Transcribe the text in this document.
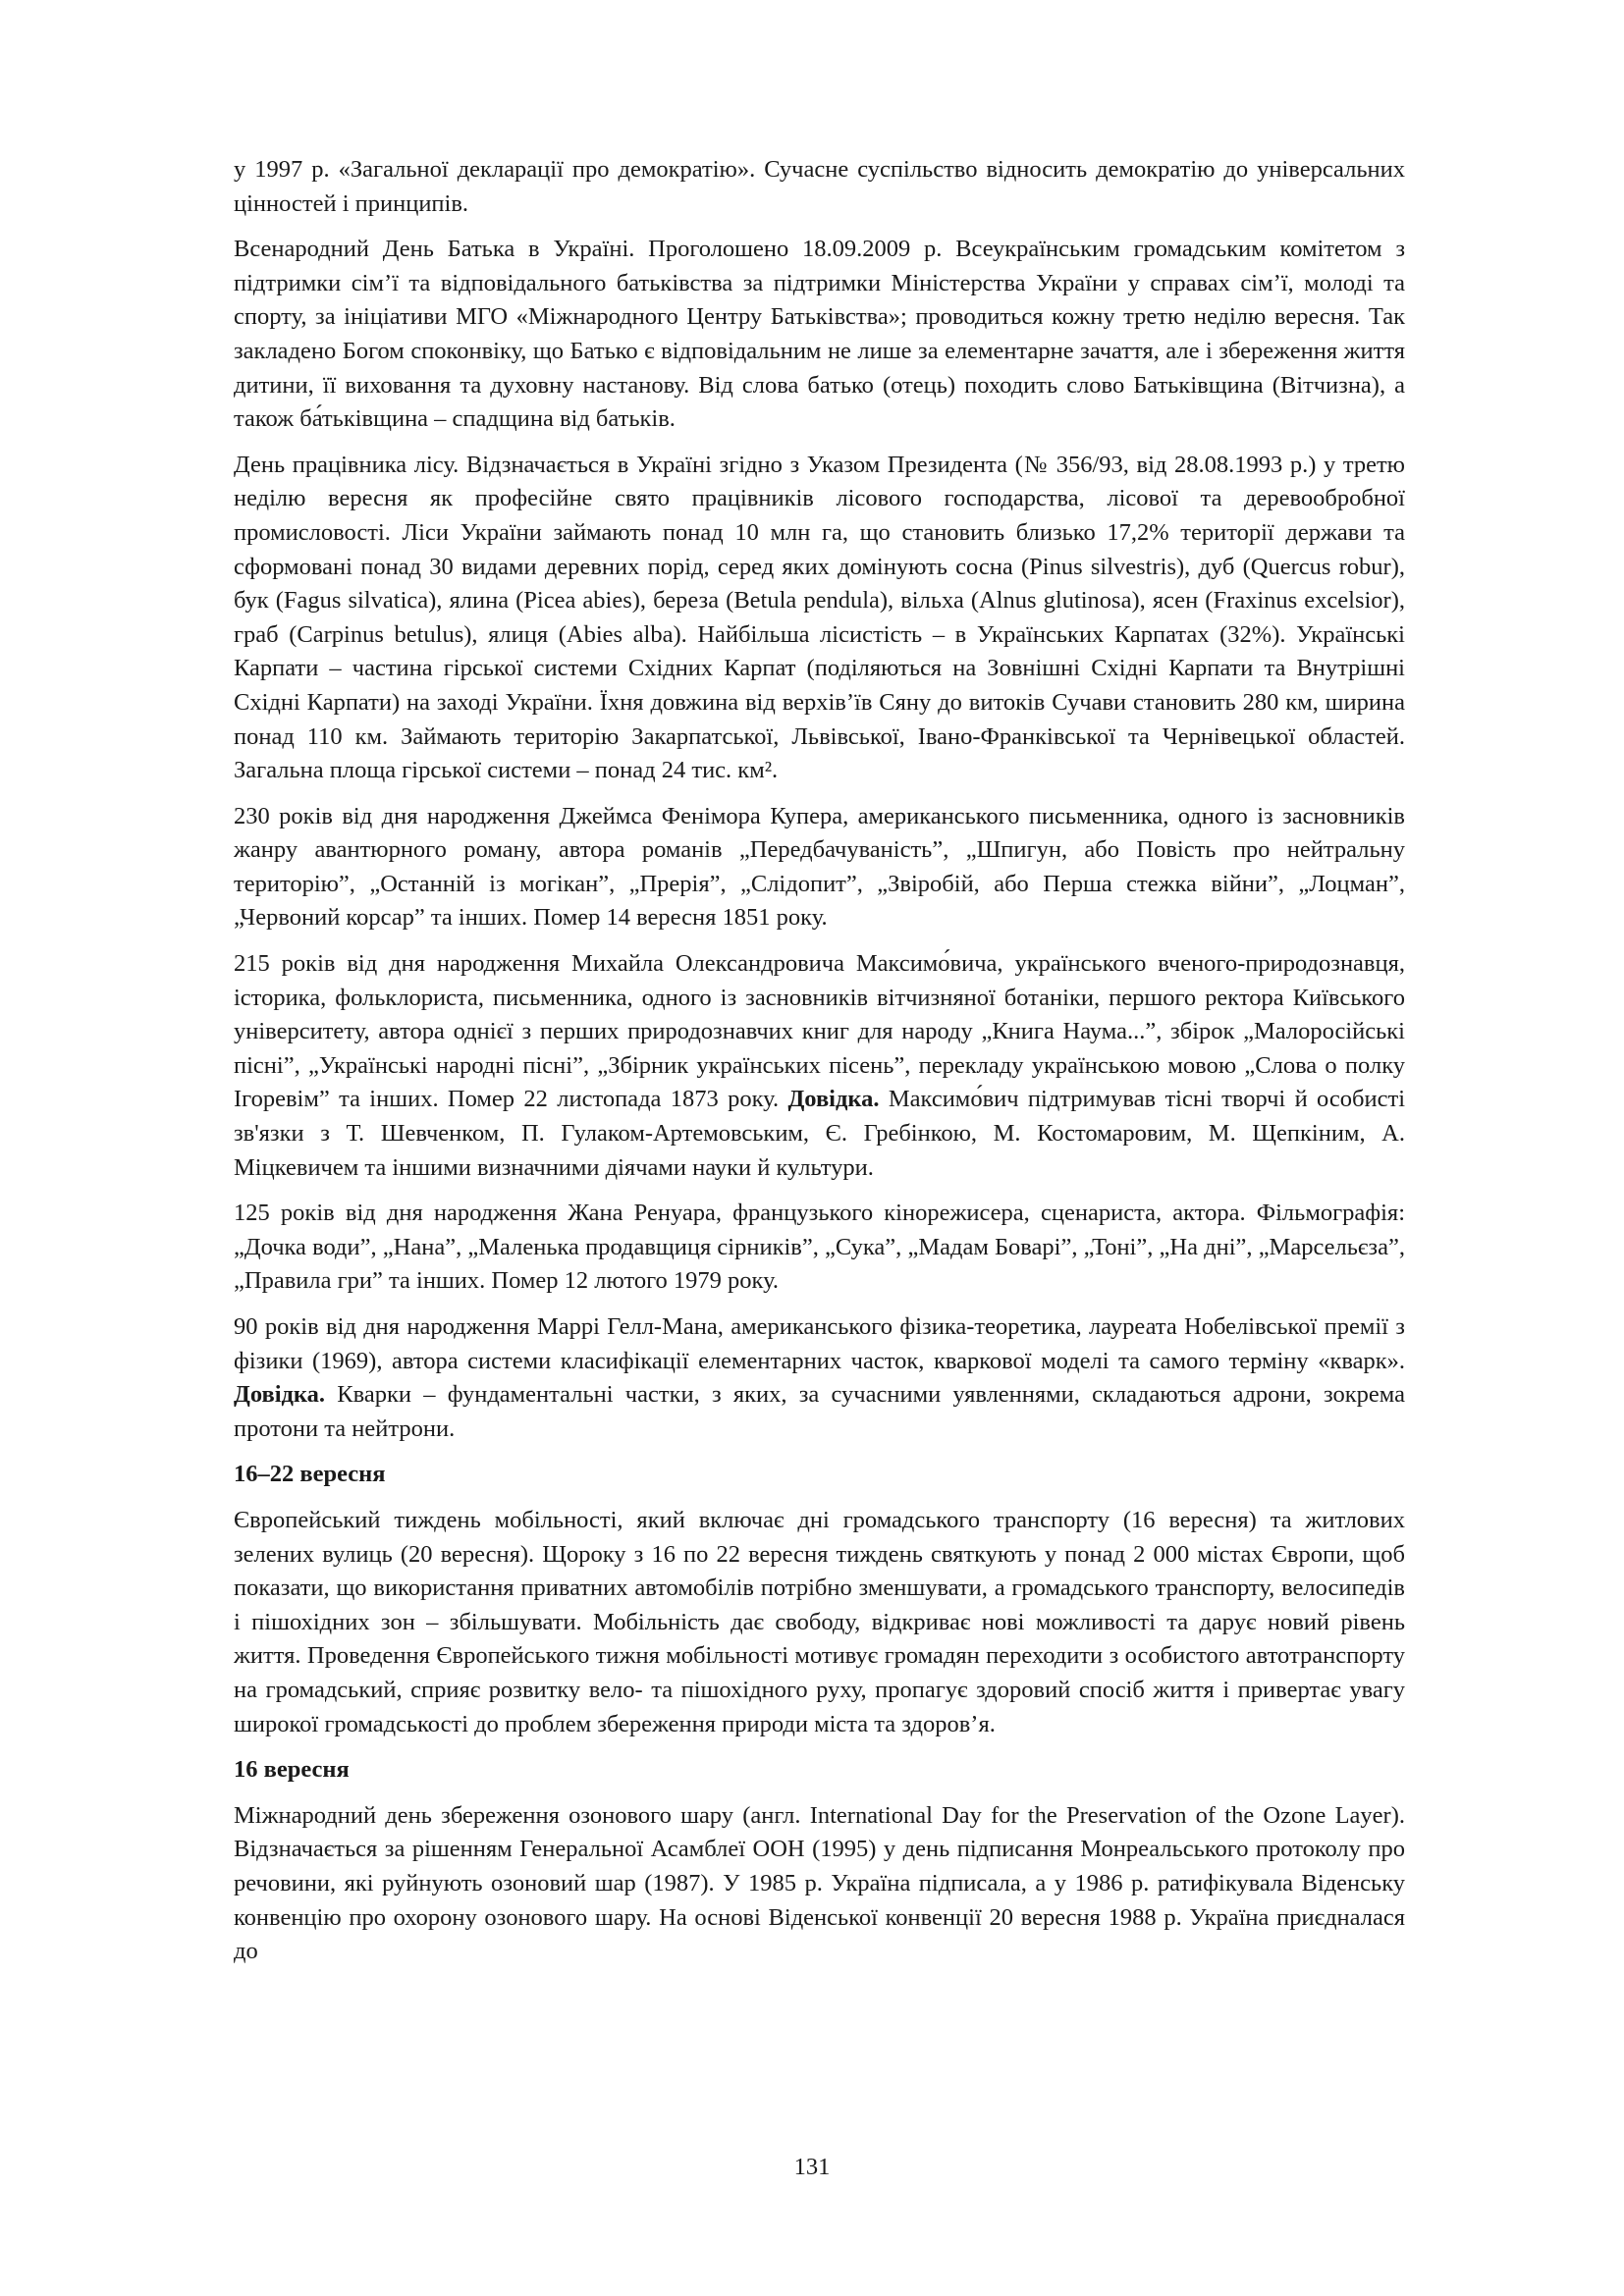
у 1997 р. «Загальної декларації про демократію». Сучасне суспільство відносить демократію до універсальних цінностей і принципів.

Всенародний День Батька в Україні. Проголошено 18.09.2009 р. Всеукраїнським громадським комітетом з підтримки сім’ї та відповідального батьківства за підтримки Міністерства України у справах сім’ї, молоді та спорту, за ініціативи МГО «Міжнародного Центру Батьківства»; проводиться кожну третю неділю вересня. Так закладено Богом споконвіку, що Батько є відповідальним не лише за елементарне зачаття, але і збереження життя дитини, її виховання та духовну настанову. Від слова батько (отець) походить слово Батьківщина (Вітчизна), а також ба́тьківщина – спадщина від батьків.

День працівника лісу. Відзначається в Україні згідно з Указом Президента (№ 356/93, від 28.08.1993 р.) у третю неділю вересня як професійне свято працівників лісового господарства, лісової та деревообробної промисловості. Ліси України займають понад 10 млн га, що становить близько 17,2% території держави та сформовані понад 30 видами деревних порід, серед яких домінують сосна (Pinus silvestris), дуб (Quercus robur), бук (Fagus silvatica), ялина (Picea abies), береза (Betula pendula), вільха (Alnus glutinosa), ясен (Fraxinus excelsior), граб (Carpinus betulus), ялиця (Abies alba). Найбільша лісистість – в Українських Карпатах (32%). Українські Карпати – частина гірської системи Східних Карпат (поділяються на Зовнішні Східні Карпати та Внутрішні Східні Карпати) на заході України. Їхня довжина від верхів’їв Сяну до витоків Сучави становить 280 км, ширина понад 110 км. Займають територію Закарпатської, Львівської, Івано-Франківської та Чернівецької областей. Загальна площа гірської системи – понад 24 тис. км².

230 років від дня народження Джеймса Фенімора Купера, американського письменника, одного із засновників жанру авантюрного роману, автора романів „Передбачуваність”, „Шпигун, або Повість про нейтральну територію”, „Останній із могікан”, „Прерія”, „Слідопит”, „Звіробій, або Перша стежка війни”, „Лоцман”, „Червоний корсар” та інших. Помер 14 вересня 1851 року.

215 років від дня народження Михайла Олександровича Максимо́вича, українського вченого-природознавця, історика, фольклориста, письменника, одного із засновників вітчизняної ботаніки, першого ректора Київського університету, автора однієї з перших природознавчих книг для народу „Книга Наума...”, збірок „Малоросійські пісні”, „Українські народні пісні”, „Збірник українських пісень”, перекладу українською мовою „Слова о полку Ігоревім” та інших. Помер 22 листопада 1873 року. Довідка. Максимо́вич підтримував тісні творчі й особисті зв'язки з Т. Шевченком, П. Гулаком-Артемовським, Є. Гребінкою, М. Костомаровим, М. Щепкіним, А. Міцкевичем та іншими визначними діячами науки й культури.

125 років від дня народження Жана Ренуара, французького кінорежисера, сценариста, актора. Фільмографія: „Дочка води”, „Нана”, „Маленька продавщиця сірників”, „Сука”, „Мадам Боварі”, „Тоні”, „На дні”, „Марсельєза”, „Правила гри” та інших. Помер 12 лютого 1979 року.

90 років від дня народження Маррі Гелл-Мана, американського фізика-теоретика, лауреата Нобелівської премії з фізики (1969), автора системи класифікації елементарних часток, кваркової моделі та самого терміну «кварк». Довідка. Кварки – фундаментальні частки, з яких, за сучасними уявленнями, складаються адрони, зокрема протони та нейтрони.

16–22 вересня

Європейський тиждень мобільності, який включає дні громадського транспорту (16 вересня) та житлових зелених вулиць (20 вересня). Щороку з 16 по 22 вересня тиждень святкують у понад 2 000 містах Європи, щоб показати, що використання приватних автомобілів потрібно зменшувати, а громадського транспорту, велосипедів і пішохідних зон – збільшувати. Мобільність дає свободу, відкриває нові можливості та дарує новий рівень життя. Проведення Європейського тижня мобільності мотивує громадян переходити з особистого автотранспорту на громадський, сприяє розвитку вело- та пішохідного руху, пропагує здоровий спосіб життя і привертає увагу широкої громадськості до проблем збереження природи міста та здоров’я.

16 вересня

Міжнародний день збереження озонового шару (англ. International Day for the Preservation of the Ozone Layer). Відзначається за рішенням Генеральної Асамблеї ООН (1995) у день підписання Монреальського протоколу про речовини, які руйнують озоновий шар (1987). У 1985 р. Україна підписала, а у 1986 р. ратифікувала Віденську конвенцію про охорону озонового шару. На основі Віденської конвенції 20 вересня 1988 р. Україна приєдналася до

131
